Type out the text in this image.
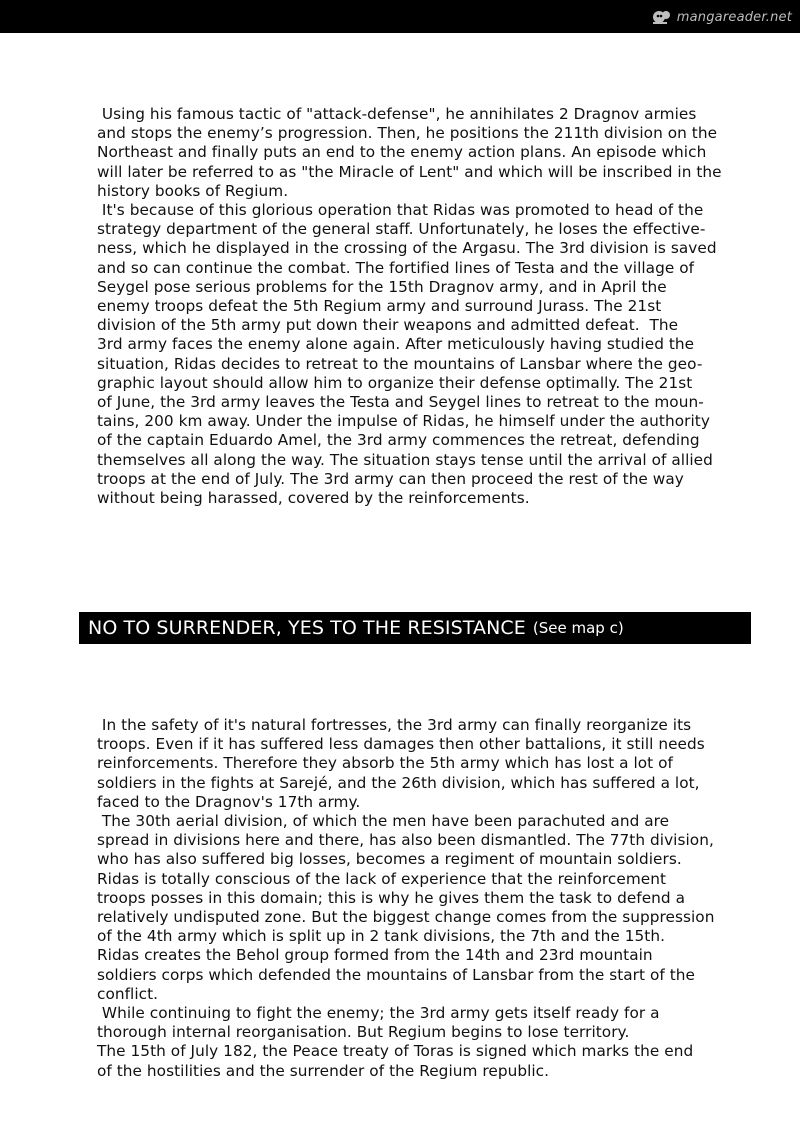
mangareader.net

Using his famous tactic of "attack-defense", he annihilates 2 Dragnov armies

and stops the enemy’s progression. Then, he positions the 211th division on the

Northeast and finally puts an end to the enemy action plans. An episode which

will later be referred to as "the Miracle of Lent" and which will be inscribed in the

history books of Regium.

It's because of this glorious operation that Ridas was promoted to head of the

strategy department of the general staff. Unfortunately, he loses the effective-

ness, which he displayed in the crossing of the Argasu. The 3rd division is saved

and so can continue the combat. The fortified lines of Testa and the village of

Seygel pose serious problems for the 15th Dragnov army, and in April the

enemy troops defeat the 5th Regium army and surround Jurass. The 21st

division of the 5th army put down their weapons and admitted defeat.  The

3rd army faces the enemy alone again. After meticulously having studied the

situation, Ridas decides to retreat to the mountains of Lansbar where the geo-

graphic layout should allow him to organize their defense optimally. The 21st

of June, the 3rd army leaves the Testa and Seygel lines to retreat to the moun-

tains, 200 km away. Under the impulse of Ridas, he himself under the authority

of the captain Eduardo Amel, the 3rd army commences the retreat, defending

themselves all along the way. The situation stays tense until the arrival of allied

troops at the end of July. The 3rd army can then proceed the rest of the way

without being harassed, covered by the reinforcements.

NO TO SURRENDER, YES TO THE RESISTANCE (See map c)

In the safety of it's natural fortresses, the 3rd army can finally reorganize its

troops. Even if it has suffered less damages then other battalions, it still needs

reinforcements. Therefore they absorb the 5th army which has lost a lot of

soldiers in the fights at Sarejé, and the 26th division, which has suffered a lot,

faced to the Dragnov's 17th army.

The 30th aerial division, of which the men have been parachuted and are

spread in divisions here and there, has also been dismantled. The 77th division,

who has also suffered big losses, becomes a regiment of mountain soldiers.

Ridas is totally conscious of the lack of experience that the reinforcement

troops posses in this domain; this is why he gives them the task to defend a

relatively undisputed zone. But the biggest change comes from the suppression

of the 4th army which is split up in 2 tank divisions, the 7th and the 15th.

Ridas creates the Behol group formed from the 14th and 23rd mountain

soldiers corps which defended the mountains of Lansbar from the start of the

conflict.

While continuing to fight the enemy; the 3rd army gets itself ready for a

thorough internal reorganisation. But Regium begins to lose territory.

The 15th of July 182, the Peace treaty of Toras is signed which marks the end

of the hostilities and the surrender of the Regium republic.
